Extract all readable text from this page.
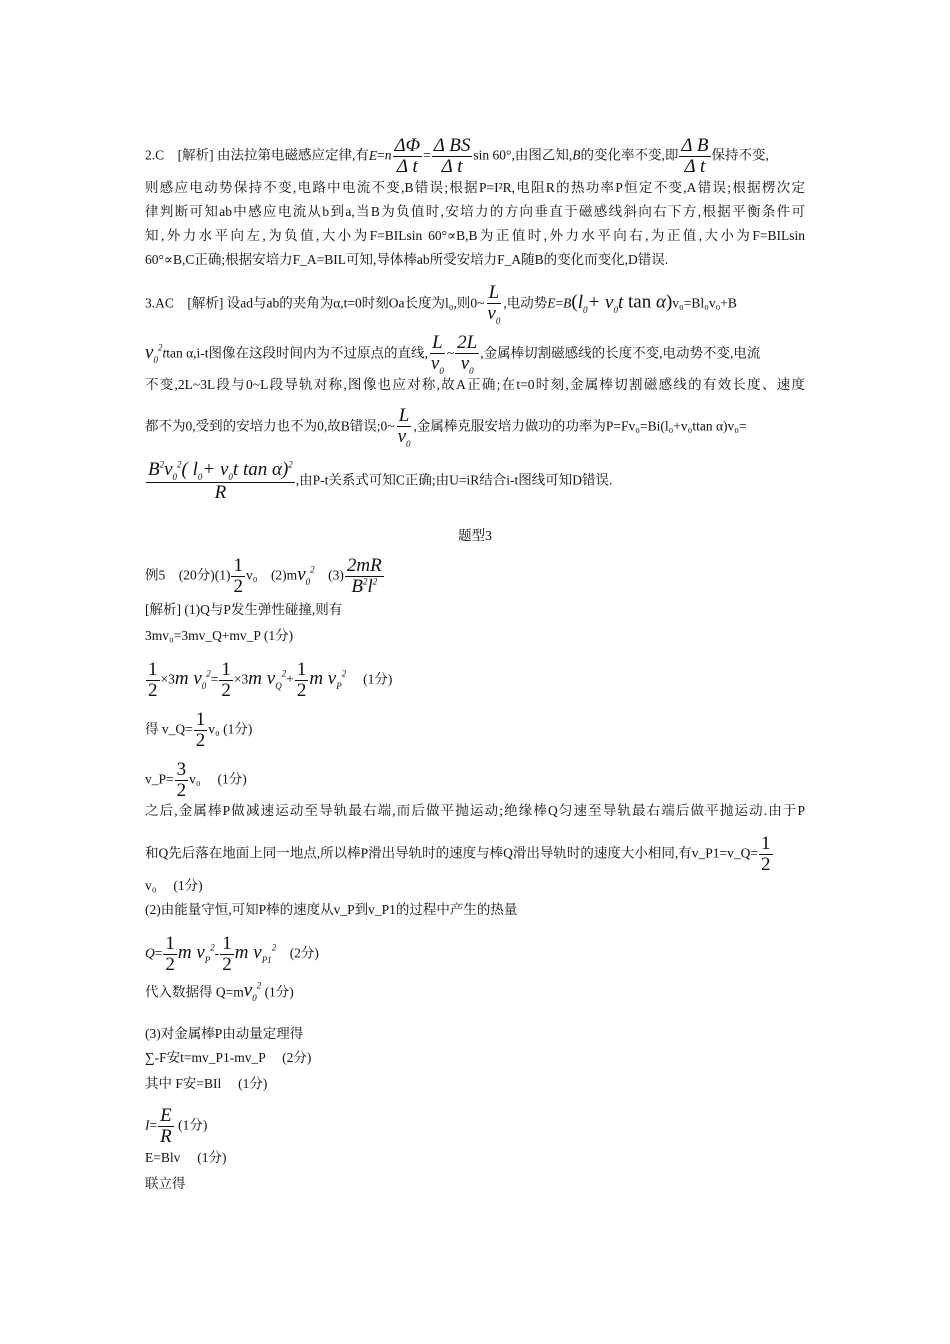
2.C　[解析] 由法拉第电磁感应定律,有$E=n \frac{\Delta\Phi}{\text{Δ t}} = \frac{\text{Δ BS}}{\text{Δ t}}$ sin 60°,由图乙知,B的变化率不变,即 $\frac{\text{Δ B}}{\text{Δ t}}$ 保持不变,
则感应电动势保持不变,电路中电流不变,B错误;根据P=I²R,电阻R的热功率P恒定不变,A错误;根据楞次定
律判断可知ab中感应电流从b到a,当B为负值时,安培力的方向垂直于磁感线斜向右下方,根据平衡条件可
知,外力水平向左,为负值,大小为F=BILsin 60°∝B,B为正值时,外力水平向右,为正值,大小为F=BILsin
60°∝B,C正确;根据安培力F_A=BIL可知,导体棒ab所受安培力F_A随B的变化而变化,D错误.
3.AC　[解析] 设ad与ab的夹角为α,t=0时刻Oa长度为l₀,则0~ $\frac{L}{v_0}$ ,电动势$E=B(l_0+ v_0t$ tan α)v₀=Bl₀v₀+B
$v_0^2ttan$ α,i-t图像在这段时间内为不过原点的直线, $\frac{L}{v_0}$ ~ $\frac{2L}{v_0}$ ,金属棒切割磁感线的长度不变,电动势不变,电流
不变,2L~3L段与0~L段导轨对称,图像也应对称,故A正确;在t=0时刻,金属棒切割磁感线的有效长度、速度
都不为0,受到的安培力也不为0,故B错误;0~ $\frac{L}{v_0}$ ,金属棒克服安培力做功的功率为P=Fv₀=Bi(l₀+v₀ttan α)v₀=
$\frac{B^2v_0^2( l_0+ v_0t \tan \alpha)^2}{R}$ ,由P-t关系式可知C正确;由U=iR结合i-t图线可知D错误.
题型3
例5　(20分)$(1) \frac{1}{2} v_0$　$(2)mv_0^2$　$(3) \frac{2mR}{B^2l^2}$
[解析] (1)Q与P发生弹性碰撞,则有
3mv₀=3mv_Q+mv_P (1分)
$\frac{1}{2} \times 3m$ $v_0^2= \frac{1}{2} \times 3m$ $v_Q^2+ \frac{1}{2}$ m $v_P^2$ (1分)
得 v_Q= $\frac{1}{2} v_0$ (1分)
v_P= $\frac{3}{2} v_0$　 (1分)
之后,金属棒P做减速运动至导轨最右端,而后做平抛运动;绝缘棒Q匀速至导轨最右端后做平抛运动.由于P
和Q先后落在地面上同一地点,所以棒P滑出导轨时的速度与棒Q滑出导轨时的速度大小相同,有v_P1=v_Q= $\frac{1}{2}$
v₀　 (1分)
(2)由能量守恒,可知P棒的速度从v_P到v_P1的过程中产生的热量
$Q= \frac{1}{2}$ m $v_P^2- \frac{1}{2}$ m $v_{P1}^2$ (2分)
代入数据得 $Q=mv_0^2$ (1分)
(3)对金属棒P由动量定理得
∑-F安t=mv_P1-mv_P　 (2分)
其中 F安=BIl　 (1分)
$I= \frac{E}{R} (1$分)
E=Blv　 (1分)
联立得
